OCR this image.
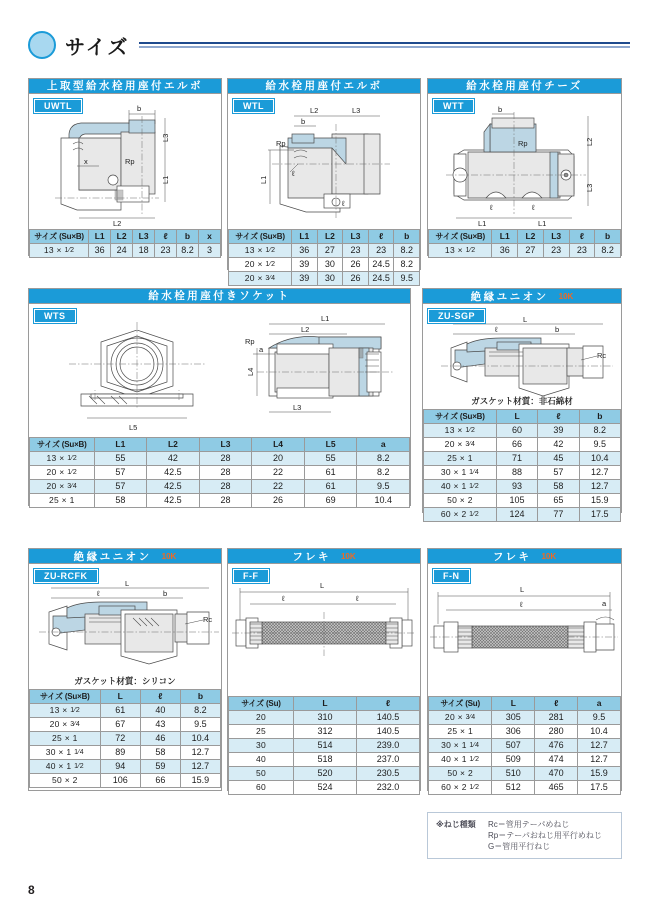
サイズ
上取型給水栓用座付エルボ
UWTL	b
L3
L1
L2
x	Rp
サイズ (Su×B)	L1	L2	L3	ℓ	b	x
13 × 1⁄2	36	24	18	23	8.2	3
給水栓用座付エルボ
WTL	L2	L3
b
Rp
L1
ℓ
ℓ
サイズ (Su×B)	L1	L2	L3	ℓ	b
13 × 1⁄2	36	27	23	23	8.2
20 × 1⁄2	39	30	26	24.5	8.2
20 × 3⁄4	39	30	26	24.5	9.5
給水栓用座付チーズ
WTT	b
Rp	L2
L3
L1	L1
ℓ	ℓ
サイズ (Su×B)	L1	L2	L3	ℓ	b
13 × 1⁄2	36	27	23	23	8.2
給水栓用座付きソケット
WTS
L5
L1
L2
Rp
a
L4
L3
サイズ (Su×B)	L1	L2	L3	L4	L5	a
13 × 1⁄2	55	42	28	20	55	8.2
20 × 1⁄2	57	42.5	28	22	61	8.2
20 × 3⁄4	57	42.5	28	22	61	9.5
25 × 1	58	42.5	28	26	69	10.4
絶縁ユニオン 10K
ZU-SGP	L
ℓ	b
Rc
ガスケット材質：非石綿材
サイズ (Su×B)	L	ℓ	b
13 × 1⁄2	60	39	8.2
20 × 3⁄4	66	42	9.5
25 × 1	71	45	10.4
30 × 1 1⁄4	88	57	12.7
40 × 1 1⁄2	93	58	12.7
50 × 2	105	65	15.9
60 × 2 1⁄2	124	77	17.5
絶縁ユニオン 10K
ZU-RCFK
L
ℓ	b
Rc
ガスケット材質：シリコン
サイズ (Su×B)	L	ℓ	b
13 × 1⁄2	61	40	8.2
20 × 3⁄4	67	43	9.5
25 × 1	72	46	10.4
30 × 1 1⁄4	89	58	12.7
40 × 1 1⁄2	94	59	12.7
50 × 2	106	66	15.9
フレキ 10K
F-F
L
ℓ	ℓ
サイズ (Su)	L	ℓ
20	310	140.5
25	312	140.5
30	514	239.0
40	518	237.0
50	520	230.5
60	524	232.0
フレキ 10K
F-N
L
ℓ	a
サイズ (Su)	L	ℓ	a
20 × 3⁄4	305	281	9.5
25 × 1	306	280	10.4
30 × 1 1⁄4	507	476	12.7
40 × 1 1⁄2	509	474	12.7
50 × 2	510	470	15.9
60 × 2 1⁄2	512	465	17.5
※ねじ種類	Rc＝管用テーパめねじ
Rp＝テーパおねじ用平行めねじ
G＝管用平行ねじ
8
